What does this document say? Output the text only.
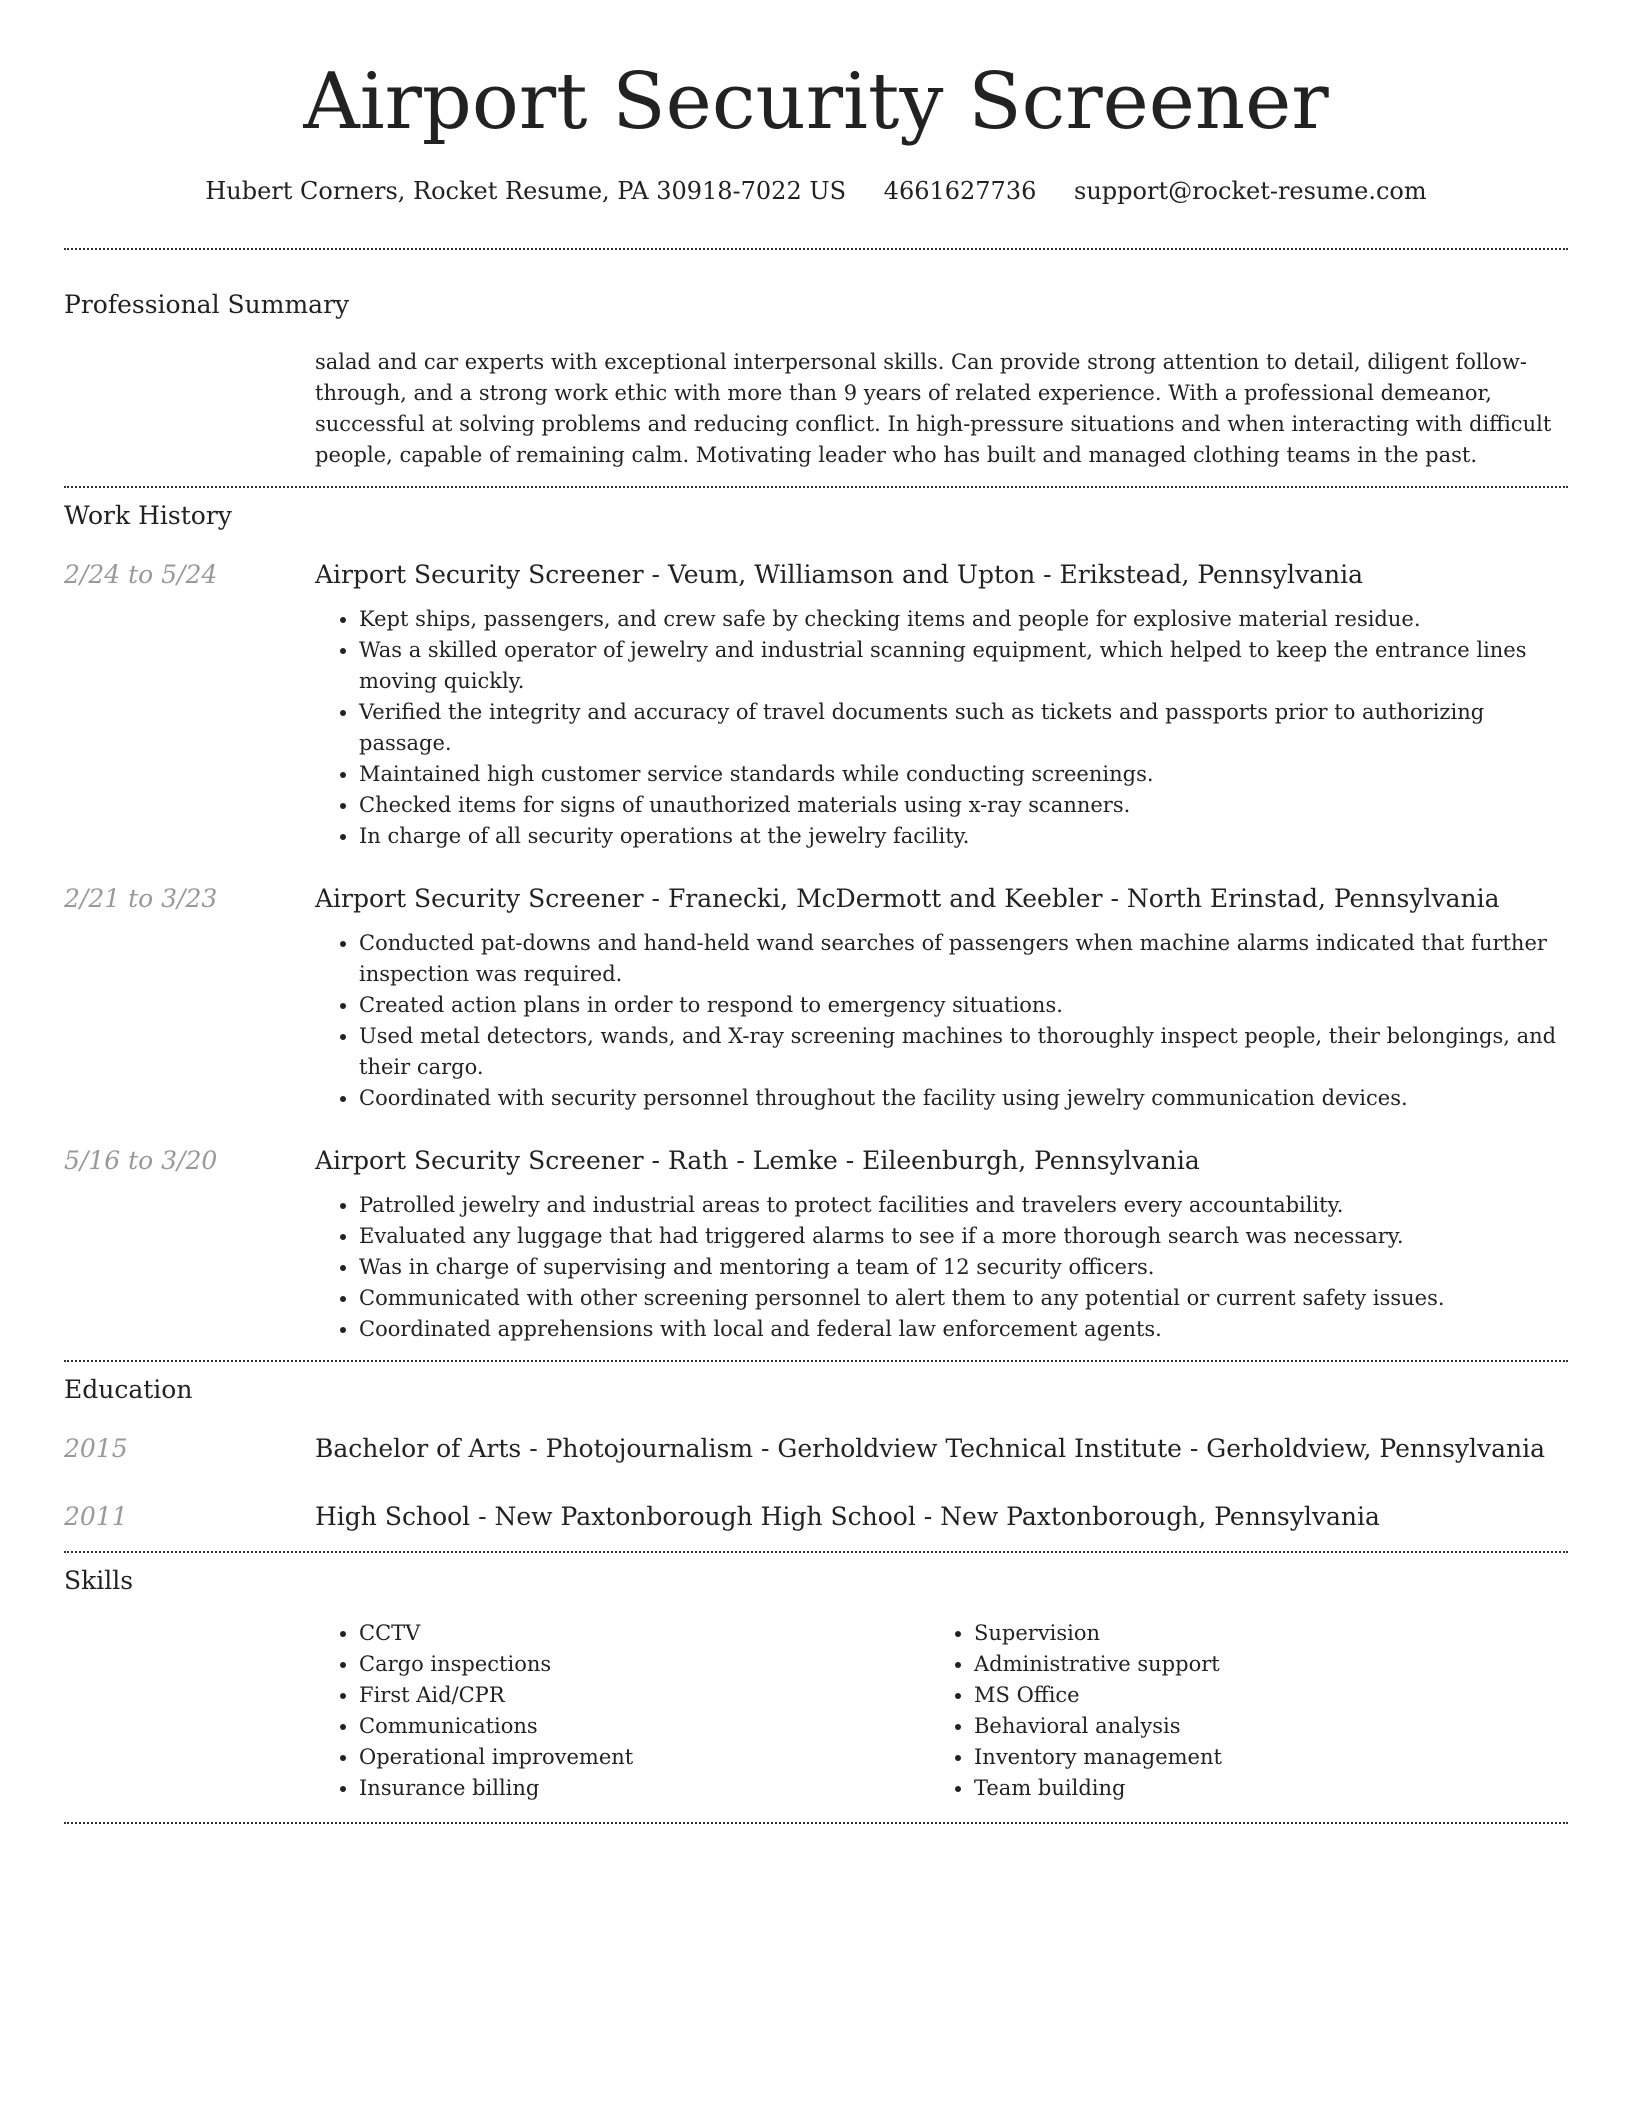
Airport Security Screener
Hubert Corners, Rocket Resume, PA 30918-7022 US 4661627736 support@rocket-resume.com
Professional Summary

salad and car experts with exceptional interpersonal skills. Can provide strong attention to detail, diligent follow-through, and a strong work ethic with more than 9 years of related experience. With a professional demeanor, successful at solving problems and reducing conflict. In high-pressure situations and when interacting with difficult people, capable of remaining calm. Motivating leader who has built and managed clothing teams in the past.

Work History
2/24 to 5/24	Airport Security Screener - Veum, Williamson and Upton - Erikstead, Pennsylvania
• Kept ships, passengers, and crew safe by checking items and people for explosive material residue.
• Was a skilled operator of jewelry and industrial scanning equipment, which helped to keep the entrance lines moving quickly.
• Verified the integrity and accuracy of travel documents such as tickets and passports prior to authorizing passage.
• Maintained high customer service standards while conducting screenings.
• Checked items for signs of unauthorized materials using x-ray scanners.
• In charge of all security operations at the jewelry facility.
2/21 to 3/23	Airport Security Screener - Franecki, McDermott and Keebler - North Erinstad, Pennsylvania
• Conducted pat-downs and hand-held wand searches of passengers when machine alarms indicated that further inspection was required.
• Created action plans in order to respond to emergency situations.
• Used metal detectors, wands, and X-ray screening machines to thoroughly inspect people, their belongings, and their cargo.
• Coordinated with security personnel throughout the facility using jewelry communication devices.
5/16 to 3/20	Airport Security Screener - Rath - Lemke - Eileenburgh, Pennsylvania
• Patrolled jewelry and industrial areas to protect facilities and travelers every accountability.
• Evaluated any luggage that had triggered alarms to see if a more thorough search was necessary.
• Was in charge of supervising and mentoring a team of 12 security officers.
• Communicated with other screening personnel to alert them to any potential or current safety issues.
• Coordinated apprehensions with local and federal law enforcement agents.
Education
2015	Bachelor of Arts - Photojournalism - Gerholdview Technical Institute - Gerholdview, Pennsylvania
2011	High School - New Paxtonborough High School - New Paxtonborough, Pennsylvania
Skills
• CCTV
• Cargo inspections
• First Aid/CPR
• Communications
• Operational improvement
• Insurance billing
• Supervision
• Administrative support
• MS Office
• Behavioral analysis
• Inventory management
• Team building
